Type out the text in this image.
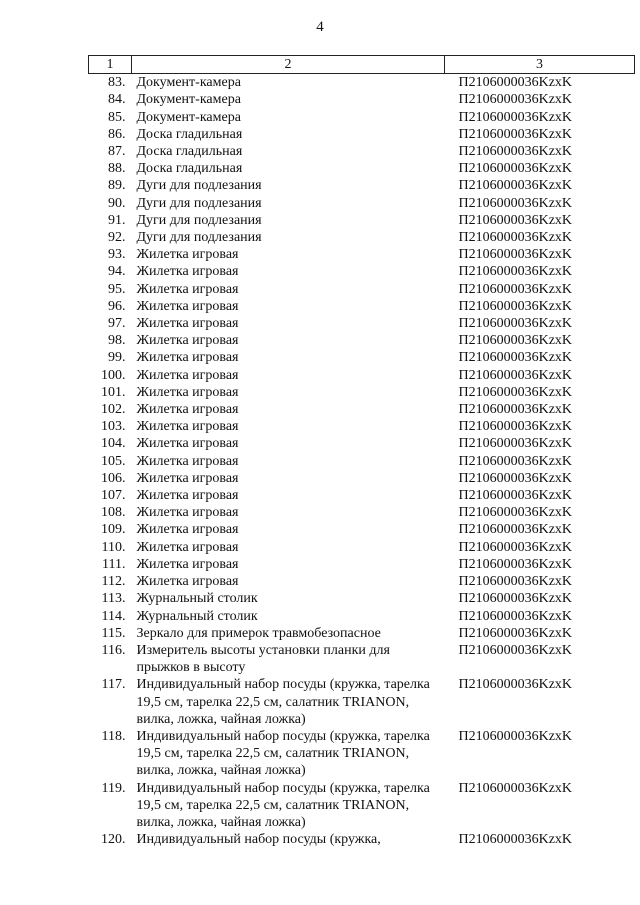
4
1	2	3
83.	Документ-камера	П2106000036KzxK
84.	Документ-камера	П2106000036KzxK
85.	Документ-камера	П2106000036KzxK
86.	Доска гладильная	П2106000036KzxK
87.	Доска гладильная	П2106000036KzxK
88.	Доска гладильная	П2106000036KzxK
89.	Дуги для подлезания	П2106000036KzxK
90.	Дуги для подлезания	П2106000036KzxK
91.	Дуги для подлезания	П2106000036KzxK
92.	Дуги для подлезания	П2106000036KzxK
93.	Жилетка игровая	П2106000036KzxK
94.	Жилетка игровая	П2106000036KzxK
95.	Жилетка игровая	П2106000036KzxK
96.	Жилетка игровая	П2106000036KzxK
97.	Жилетка игровая	П2106000036KzxK
98.	Жилетка игровая	П2106000036KzxK
99.	Жилетка игровая	П2106000036KzxK
100.	Жилетка игровая	П2106000036KzxK
101.	Жилетка игровая	П2106000036KzxK
102.	Жилетка игровая	П2106000036KzxK
103.	Жилетка игровая	П2106000036KzxK
104.	Жилетка игровая	П2106000036KzxK
105.	Жилетка игровая	П2106000036KzxK
106.	Жилетка игровая	П2106000036KzxK
107.	Жилетка игровая	П2106000036KzxK
108.	Жилетка игровая	П2106000036KzxK
109.	Жилетка игровая	П2106000036KzxK
110.	Жилетка игровая	П2106000036KzxK
111.	Жилетка игровая	П2106000036KzxK
112.	Жилетка игровая	П2106000036KzxK
113.	Журнальный столик	П2106000036KzxK
114.	Журнальный столик	П2106000036KzxK
115.	Зеркало для примерок травмобезопасное	П2106000036KzxK
116.	Измеритель высоты установки планки для прыжков в высоту	П2106000036KzxK
117.	Индивидуальный набор посуды (кружка, тарелка 19,5 см, тарелка 22,5 см, салатник TRIANON, вилка, ложка, чайная ложка)	П2106000036KzxK
118.	Индивидуальный набор посуды (кружка, тарелка 19,5 см, тарелка 22,5 см, салатник TRIANON, вилка, ложка, чайная ложка)	П2106000036KzxK
119.	Индивидуальный набор посуды (кружка, тарелка 19,5 см, тарелка 22,5 см, салатник TRIANON, вилка, ложка, чайная ложка)	П2106000036KzxK
120.	Индивидуальный набор посуды (кружка,	П2106000036KzxK
